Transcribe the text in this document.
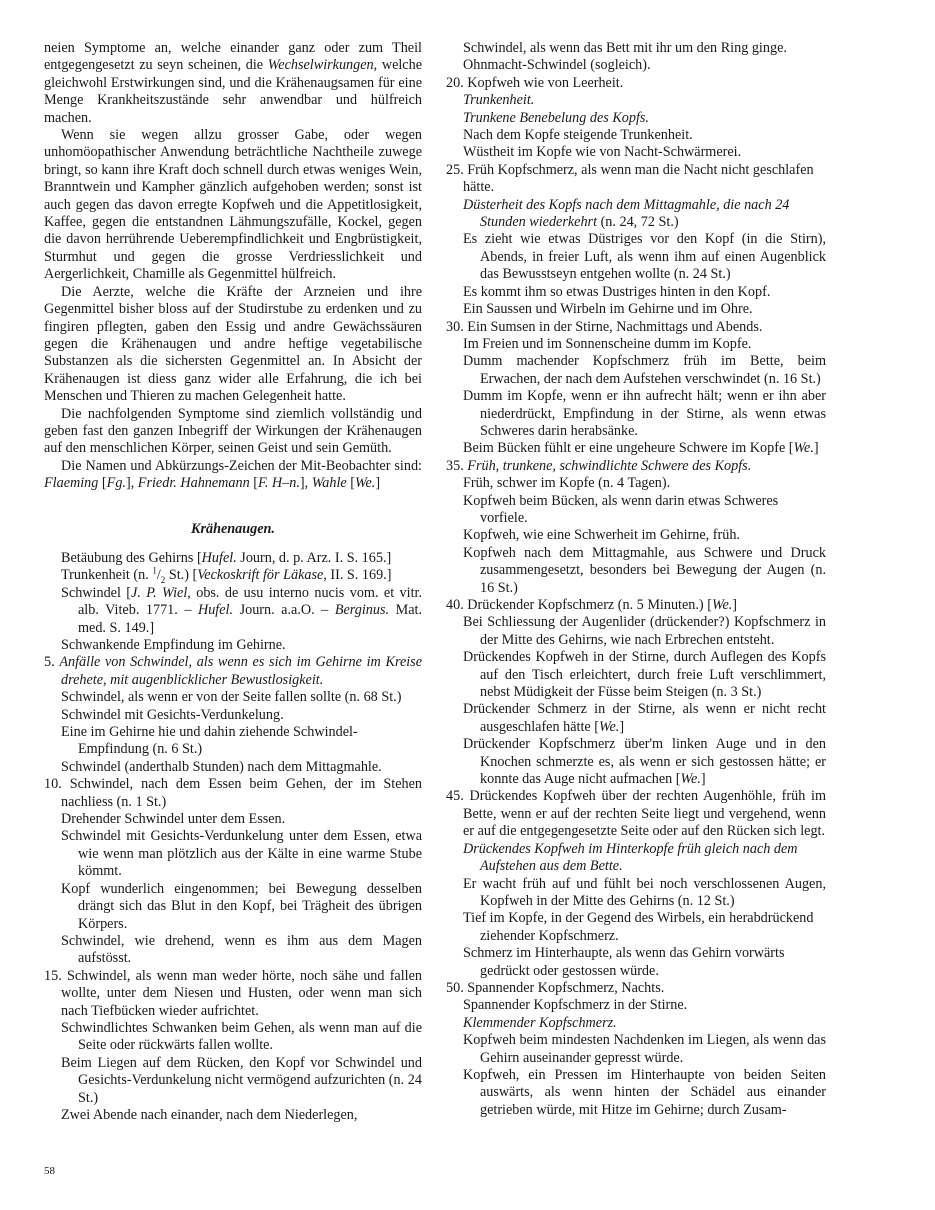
neien Symptome an, welche einander ganz oder zum Theil entgegengesetzt zu seyn scheinen, die Wechselwirkungen, welche gleichwohl Erstwirkungen sind, und die Krähenaugsamen für eine Menge Krankheitszustände sehr anwendbar und hülfreich machen.

Wenn sie wegen allzu grosser Gabe, oder wegen unhomöopathischer Anwendung beträchtliche Nachtheile zuwege bringt, so kann ihre Kraft doch schnell durch etwas weniges Wein, Branntwein und Kampher gänzlich aufgehoben werden; sonst ist auch gegen das davon erregte Kopfweh und die Appetitlosigkeit, Kaffee, gegen die entstandnen Lähmungszufälle, Kockel, gegen die davon herrührende Ueberempfindlichkeit und Engbrüstigkeit, Sturmhut und gegen die grosse Verdriesslichkeit und Aergerlichkeit, Chamille als Gegenmittel hülfreich.

Die Aerzte, welche die Kräfte der Arzneien und ihre Gegenmittel bisher bloss auf der Studirstube zu erdenken und zu fingiren pflegten, gaben den Essig und andre Gewächssäuren gegen die Krähenaugen und andre heftige vegetabilische Substanzen als die sichersten Gegenmittel an. In Absicht der Krähenaugen ist diess ganz wider alle Erfahrung, die ich bei Menschen und Thieren zu machen Gelegenheit hatte.

Die nachfolgenden Symptome sind ziemlich vollständig und geben fast den ganzen Inbegriff der Wirkungen der Krähenaugen auf den menschlichen Körper, seinen Geist und sein Gemüth.

Die Namen und Abkürzungs-Zeichen der Mit-Beobachter sind: Flaeming [Fg.], Friedr. Hahnemann [F. H–n.], Wahle [We.]

Krähenaugen.

Betäubung des Gehirns [Hufel. Journ, d. p. Arz. I. S. 165.]

Trunkenheit (n. $^1/_2$ St.) [Veckoskrift för Läkase, II. S. 169.]

Schwindel [J. P. Wiel, obs. de usu interno nucis vom. et vitr. alb. Viteb. 1771. – Hufel. Journ. a.a.O. – Berginus. Mat. med. S. 149.]

Schwankende Empfindung im Gehirne.

5. Anfälle von Schwindel, als wenn es sich im Gehirne im Kreise drehete, mit augenblicklicher Bewustlosigkeit.

Schwindel, als wenn er von der Seite fallen sollte (n. 68 St.)

Schwindel mit Gesichts-Verdunkelung.

Eine im Gehirne hie und dahin ziehende Schwindel-Empfindung (n. 6 St.)

Schwindel (anderthalb Stunden) nach dem Mittagmahle.

10. Schwindel, nach dem Essen beim Gehen, der im Stehen nachliess (n. 1 St.)

Drehender Schwindel unter dem Essen.

Schwindel mit Gesichts-Verdunkelung unter dem Essen, etwa wie wenn man plötzlich aus der Kälte in eine warme Stube kömmt.

Kopf wunderlich eingenommen; bei Bewegung desselben drängt sich das Blut in den Kopf, bei Trägheit des übrigen Körpers.

Schwindel, wie drehend, wenn es ihm aus dem Magen aufstösst.

15. Schwindel, als wenn man weder hörte, noch sähe und fallen wollte, unter dem Niesen und Husten, oder wenn man sich nach Tiefbücken wieder aufrichtet.

Schwindlichtes Schwanken beim Gehen, als wenn man auf die Seite oder rückwärts fallen wollte.

Beim Liegen auf dem Rücken, den Kopf vor Schwindel und Gesichts-Verdunkelung nicht vermögend aufzurichten (n. 24 St.)

Zwei Abende nach einander, nach dem Niederlegen,

Schwindel, als wenn das Bett mit ihr um den Ring ginge.

Ohnmacht-Schwindel (sogleich).

20. Kopfweh wie von Leerheit.

Trunkenheit.

Trunkene Benebelung des Kopfs.

Nach dem Kopfe steigende Trunkenheit.

Wüstheit im Kopfe wie von Nacht-Schwärmerei.

25. Früh Kopfschmerz, als wenn man die Nacht nicht geschlafen hätte.

Düsterheit des Kopfs nach dem Mittagmahle, die nach 24 Stunden wiederkehrt (n. 24, 72 St.)

Es zieht wie etwas Düstriges vor den Kopf (in die Stirn), Abends, in freier Luft, als wenn ihm auf einen Augenblick das Bewusstseyn entgehen wollte (n. 24 St.)

Es kommt ihm so etwas Dustriges hinten in den Kopf.

Ein Saussen und Wirbeln im Gehirne und im Ohre.

30. Ein Sumsen in der Stirne, Nachmittags und Abends.

Im Freien und im Sonnenscheine dumm im Kopfe.

Dumm machender Kopfschmerz früh im Bette, beim Erwachen, der nach dem Aufstehen verschwindet (n. 16 St.)

Dumm im Kopfe, wenn er ihn aufrecht hält; wenn er ihn aber niederdrückt, Empfindung in der Stirne, als wenn etwas Schweres darin herabsänke.

Beim Bücken fühlt er eine ungeheure Schwere im Kopfe [We.]

35. Früh, trunkene, schwindlichte Schwere des Kopfs.

Früh, schwer im Kopfe (n. 4 Tagen).

Kopfweh beim Bücken, als wenn darin etwas Schweres vorfiele.

Kopfweh, wie eine Schwerheit im Gehirne, früh.

Kopfweh nach dem Mittagmahle, aus Schwere und Druck zusammengesetzt, besonders bei Bewegung der Augen (n. 16 St.)

40. Drückender Kopfschmerz (n. 5 Minuten.) [We.]

Bei Schliessung der Augenlider (drückender?) Kopfschmerz in der Mitte des Gehirns, wie nach Erbrechen entsteht.

Drückendes Kopfweh in der Stirne, durch Auflegen des Kopfs auf den Tisch erleichtert, durch freie Luft verschlimmert, nebst Müdigkeit der Füsse beim Steigen (n. 3 St.)

Drückender Schmerz in der Stirne, als wenn er nicht recht ausgeschlafen hätte [We.]

Drückender Kopfschmerz über'm linken Auge und in den Knochen schmerzte es, als wenn er sich gestossen hätte; er konnte das Auge nicht aufmachen [We.]

45. Drückendes Kopfweh über der rechten Augenhöhle, früh im Bette, wenn er auf der rechten Seite liegt und vergehend, wenn er auf die entgegengesetzte Seite oder auf den Rücken sich legt.

Drückendes Kopfweh im Hinterkopfe früh gleich nach dem Aufstehen aus dem Bette.

Er wacht früh auf und fühlt bei noch verschlossenen Augen, Kopfweh in der Mitte des Gehirns (n. 12 St.)

Tief im Kopfe, in der Gegend des Wirbels, ein herabdrückend ziehender Kopfschmerz.

Schmerz im Hinterhaupte, als wenn das Gehirn vorwärts gedrückt oder gestossen würde.

50. Spannender Kopfschmerz, Nachts.

Spannender Kopfschmerz in der Stirne.

Klemmender Kopfschmerz.

Kopfweh beim mindesten Nachdenken im Liegen, als wenn das Gehirn auseinander gepresst würde.

Kopfweh, ein Pressen im Hinterhaupte von beiden Seiten auswärts, als wenn hinten der Schädel aus einander getrieben würde, mit Hitze im Gehirne; durch Zusam-

58
